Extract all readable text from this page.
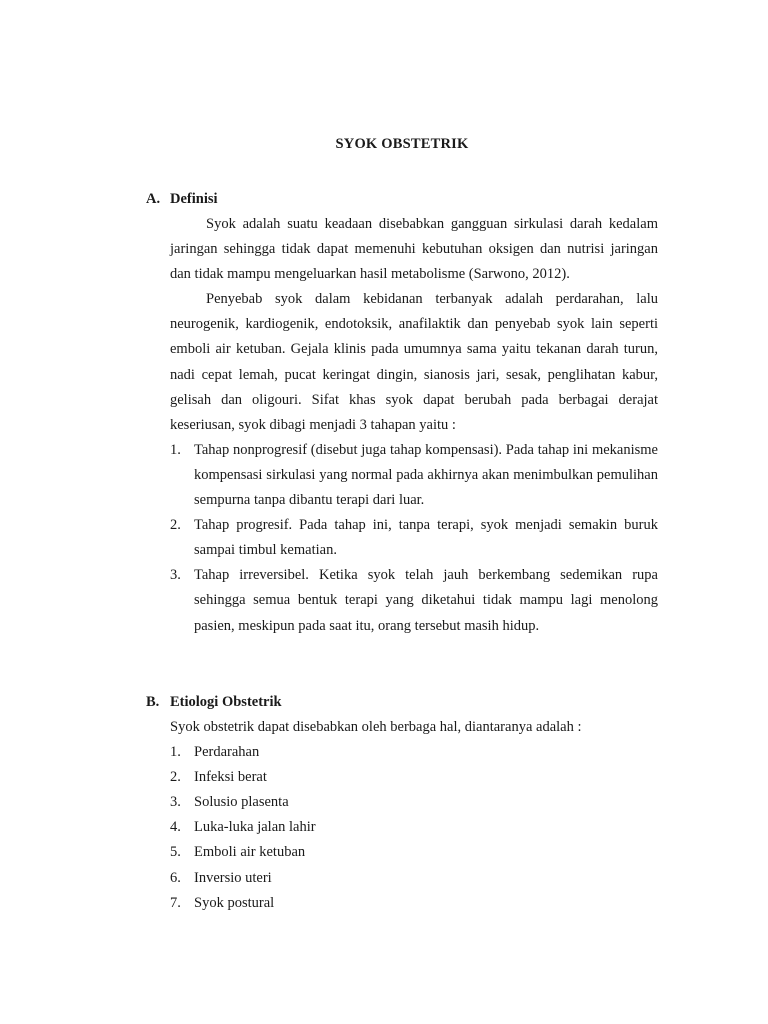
SYOK OBSTETRIK
A. Definisi

Syok adalah suatu keadaan disebabkan gangguan sirkulasi darah kedalam jaringan sehingga tidak dapat memenuhi kebutuhan oksigen dan nutrisi jaringan dan tidak mampu mengeluarkan hasil metabolisme (Sarwono, 2012).

Penyebab syok dalam kebidanan terbanyak adalah perdarahan, lalu neurogenik, kardiogenik, endotoksik, anafilaktik dan penyebab syok lain seperti emboli air ketuban. Gejala klinis pada umumnya sama yaitu tekanan darah turun, nadi cepat lemah, pucat keringat dingin, sianosis jari, sesak, penglihatan kabur, gelisah dan oligouri. Sifat khas syok dapat berubah pada berbagai derajat keseriusan, syok dibagi menjadi 3 tahapan yaitu :

1. Tahap nonprogresif (disebut juga tahap kompensasi). Pada tahap ini mekanisme kompensasi sirkulasi yang normal pada akhirnya akan menimbulkan pemulihan sempurna tanpa dibantu terapi dari luar.
2. Tahap progresif. Pada tahap ini, tanpa terapi, syok menjadi semakin buruk sampai timbul kematian.
3. Tahap irreversibel. Ketika syok telah jauh berkembang sedemikan rupa sehingga semua bentuk terapi yang diketahui tidak mampu lagi menolong pasien, meskipun pada saat itu, orang tersebut masih hidup.
B. Etiologi Obstetrik

Syok obstetrik dapat disebabkan oleh berbaga hal, diantaranya adalah :

1. Perdarahan
2. Infeksi berat
3. Solusio plasenta
4. Luka-luka jalan lahir
5. Emboli air ketuban
6. Inversio uteri
7. Syok postural
